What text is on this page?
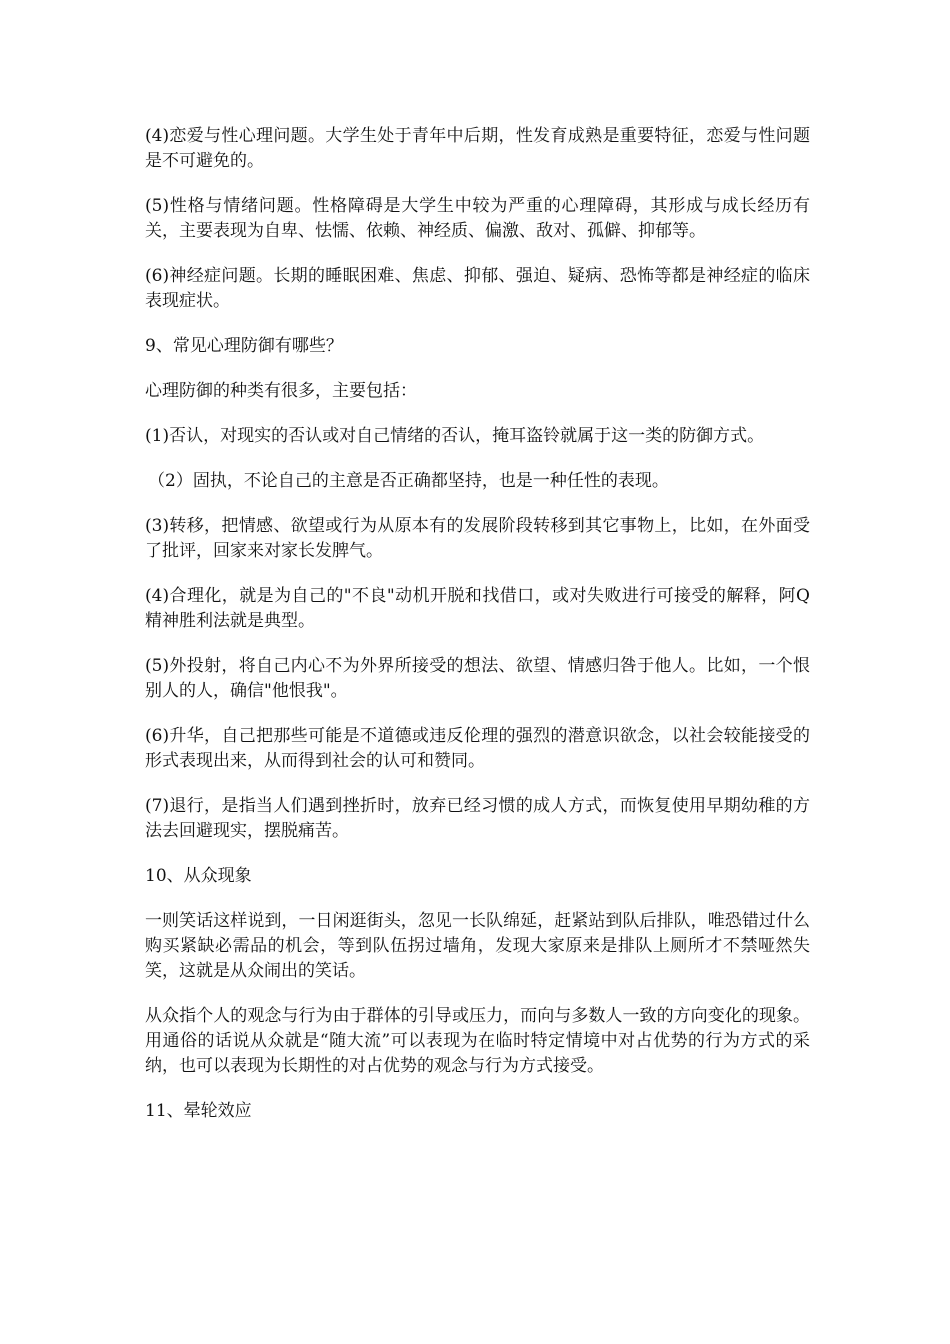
(4)恋爱与性心理问题。大学生处于青年中后期，性发育成熟是重要特征，恋爱与性问题是不可避免的。

(5)性格与情绪问题。性格障碍是大学生中较为严重的心理障碍，其形成与成长经历有关，主要表现为自卑、怯懦、依赖、神经质、偏激、敌对、孤僻、抑郁等。

(6)神经症问题。长期的睡眠困难、焦虑、抑郁、强迫、疑病、恐怖等都是神经症的临床表现症状。

9、常见心理防御有哪些？

心理防御的种类有很多，主要包括：

(1)否认，对现实的否认或对自己情绪的否认，掩耳盗铃就属于这一类的防御方式。

（2）固执，不论自己的主意是否正确都坚持，也是一种任性的表现。

(3)转移，把情感、欲望或行为从原本有的发展阶段转移到其它事物上，比如，在外面受了批评，回家来对家长发脾气。

(4)合理化，就是为自己的"不良"动机开脱和找借口，或对失败进行可接受的解释，阿Q精神胜利法就是典型。

(5)外投射，将自己内心不为外界所接受的想法、欲望、情感归咎于他人。比如，一个恨别人的人，确信"他恨我"。

(6)升华，自己把那些可能是不道德或违反伦理的强烈的潜意识欲念，以社会较能接受的形式表现出来，从而得到社会的认可和赞同。

(7)退行，是指当人们遇到挫折时，放弃已经习惯的成人方式，而恢复使用早期幼稚的方法去回避现实，摆脱痛苦。

10、从众现象

一则笑话这样说到，一日闲逛街头，忽见一长队绵延，赶紧站到队后排队，唯恐错过什么购买紧缺必需品的机会，等到队伍拐过墙角，发现大家原来是排队上厕所才不禁哑然失笑，这就是从众闹出的笑话。

从众指个人的观念与行为由于群体的引导或压力，而向与多数人一致的方向变化的现象。用通俗的话说从众就是“随大流”可以表现为在临时特定情境中对占优势的行为方式的采纳，也可以表现为长期性的对占优势的观念与行为方式接受。

11、晕轮效应
